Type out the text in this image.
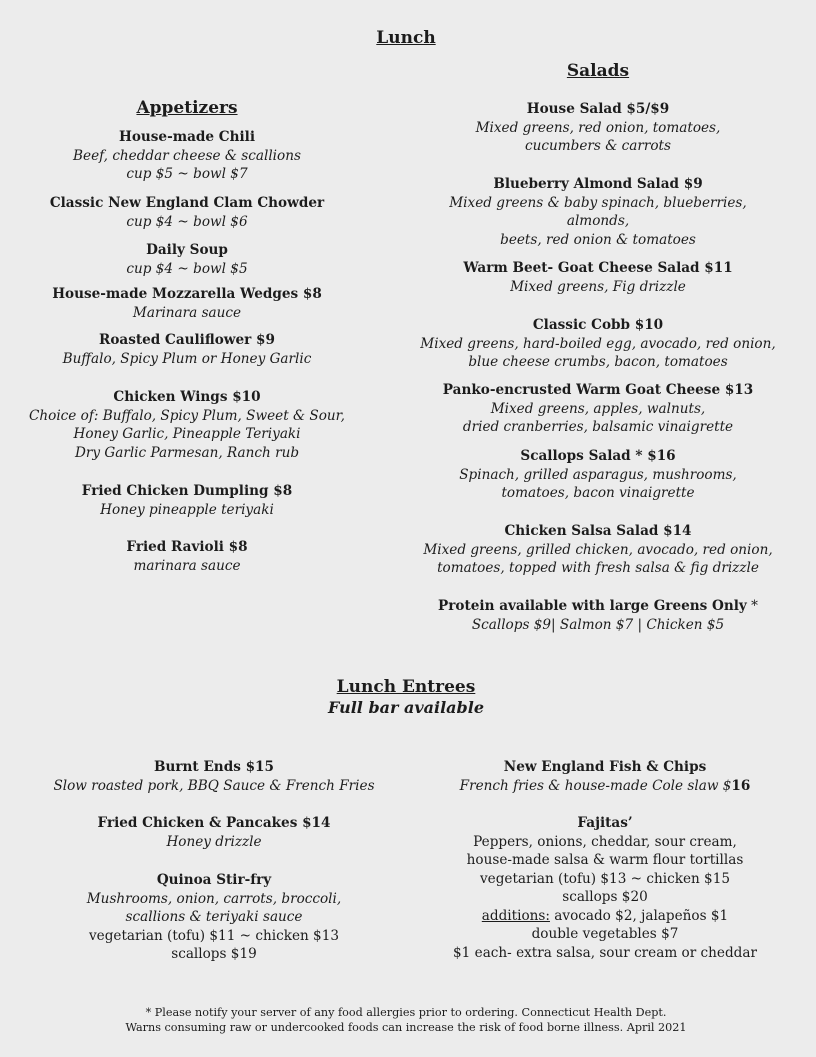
Lunch
Salads
Appetizers
House-made Chili
Beef, cheddar cheese & scallions
cup $5 ~ bowl $7
Classic New England Clam Chowder
cup $4 ~ bowl $6
Daily Soup
cup $4 ~ bowl $5
House-made Mozzarella Wedges $8
Marinara sauce
Roasted Cauliflower $9
Buffalo, Spicy Plum or Honey Garlic
Chicken Wings $10
Choice of: Buffalo, Spicy Plum, Sweet & Sour,
Honey Garlic, Pineapple Teriyaki
Dry Garlic Parmesan, Ranch rub
Fried Chicken Dumpling $8
Honey pineapple teriyaki
Fried Ravioli $8
marinara sauce
House Salad $5/$9
Mixed greens, red onion, tomatoes,
cucumbers & carrots
Blueberry Almond Salad $9
Mixed greens & baby spinach, blueberries, almonds,
beets, red onion & tomatoes
Warm Beet- Goat Cheese Salad $11
Mixed greens, Fig drizzle
Classic Cobb $10
Mixed greens, hard-boiled egg, avocado, red onion,
blue cheese crumbs, bacon, tomatoes
Panko-encrusted Warm Goat Cheese $13
Mixed greens, apples, walnuts,
dried cranberries, balsamic vinaigrette
Scallops Salad * $16
Spinach, grilled asparagus, mushrooms,
tomatoes, bacon vinaigrette
Chicken Salsa Salad $14
Mixed greens, grilled chicken, avocado, red onion,
tomatoes, topped with fresh salsa & fig drizzle
Protein available with large Greens Only *
Scallops $9| Salmon $7 | Chicken $5
Lunch Entrees
Full bar available
Burnt Ends $15
Slow roasted pork, BBQ Sauce & French Fries
Fried Chicken & Pancakes $14
Honey drizzle
Quinoa Stir-fry
Mushrooms, onion, carrots, broccoli,
scallions & teriyaki sauce
vegetarian (tofu) $11 ~ chicken $13
scallops $19
New England Fish & Chips
French fries & house-made Cole slaw $16
Fajitas’
Peppers, onions, cheddar, sour cream,
house-made salsa & warm flour tortillas
vegetarian (tofu) $13 ~ chicken $15
scallops $20
additions: avocado $2, jalapeños $1
double vegetables $7
$1 each- extra salsa, sour cream or cheddar
* Please notify your server of any food allergies prior to ordering. Connecticut Health Dept.
Warns consuming raw or undercooked foods can increase the risk of food borne illness. April 2021
